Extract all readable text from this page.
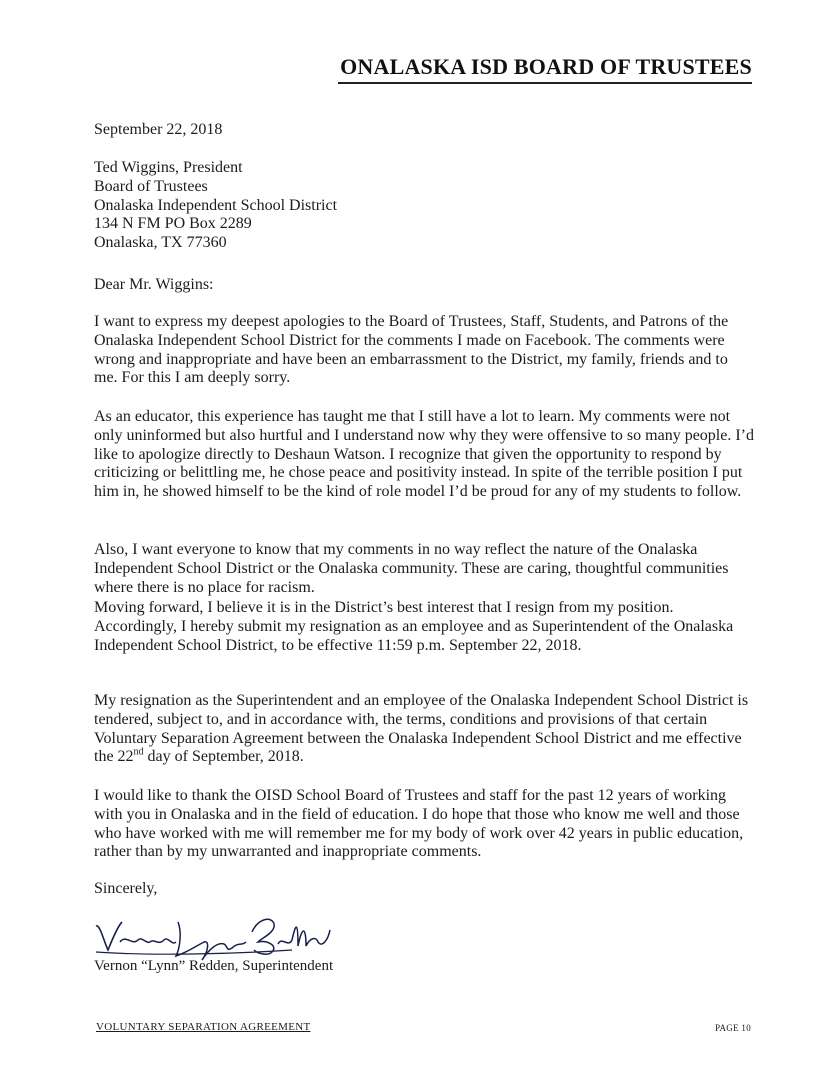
ONALASKA ISD BOARD OF TRUSTEES
September 22, 2018
Ted Wiggins, President
Board of Trustees
Onalaska Independent School District
134 N FM PO Box 2289
Onalaska, TX 77360
Dear Mr. Wiggins:
I want to express my deepest apologies to the Board of Trustees, Staff, Students, and Patrons of the Onalaska Independent School District for the comments I made on Facebook. The comments were wrong and inappropriate and have been an embarrassment to the District, my family, friends and to me. For this I am deeply sorry.
As an educator, this experience has taught me that I still have a lot to learn. My comments were not only uninformed but also hurtful and I understand now why they were offensive to so many people. I’d like to apologize directly to Deshaun Watson. I recognize that given the opportunity to respond by criticizing or belittling me, he chose peace and positivity instead. In spite of the terrible position I put him in, he showed himself to be the kind of role model I’d be proud for any of my students to follow.
Also, I want everyone to know that my comments in no way reflect the nature of the Onalaska Independent School District or the Onalaska community. These are caring, thoughtful communities where there is no place for racism.
Moving forward, I believe it is in the District’s best interest that I resign from my position. Accordingly, I hereby submit my resignation as an employee and as Superintendent of the Onalaska Independent School District, to be effective 11:59 p.m. September 22, 2018.
My resignation as the Superintendent and an employee of the Onalaska Independent School District is tendered, subject to, and in accordance with, the terms, conditions and provisions of that certain Voluntary Separation Agreement between the Onalaska Independent School District and me effective the 22nd day of September, 2018.
I would like to thank the OISD School Board of Trustees and staff for the past 12 years of working with you in Onalaska and in the field of education. I do hope that those who know me well and those who have worked with me will remember me for my body of work over 42 years in public education, rather than by my unwarranted and inappropriate comments.
Sincerely,
Vernon “Lynn” Redden, Superintendent
VOLUNTARY SEPARATION AGREEMENT	PAGE 10
